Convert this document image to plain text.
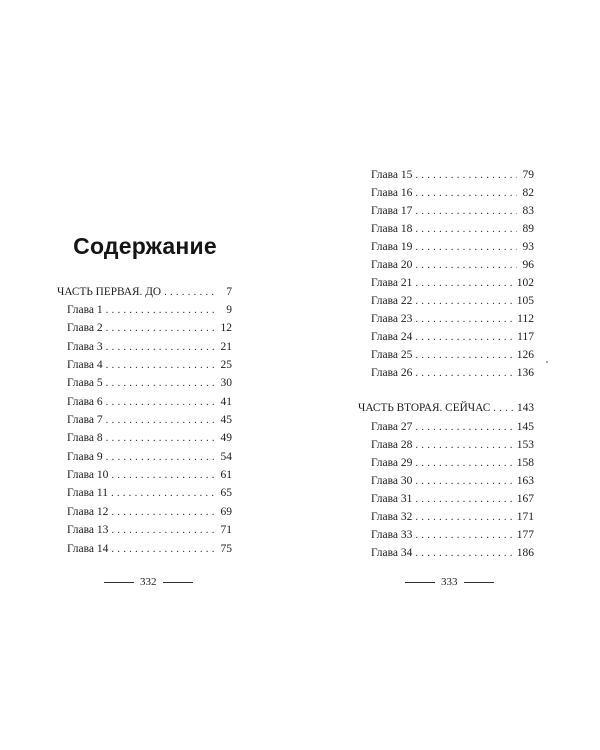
Содержание
ЧАСТЬ ПЕРВАЯ. ДО . . .	7
Глава 1 . . .	9
Глава 2 . . .	12
Глава 3 . . .	21
Глава 4 . . .	25
Глава 5 . . .	30
Глава 6 . . .	41
Глава 7 . . .	45
Глава 8 . . .	49
Глава 9 . . .	54
Глава 10 . . .	61
Глава 11 . . .	65
Глава 12 . . .	69
Глава 13 . . .	71
Глава 14 . . .	75
332
Глава 15 . . .	79
Глава 16 . . .	82
Глава 17 . . .	83
Глава 18 . . .	89
Глава 19 . . .	93
Глава 20 . . .	96
Глава 21 . . .	102
Глава 22 . . .	105
Глава 23 . . .	112
Глава 24 . . .	117
Глава 25 . . .	126
Глава 26 . . .	136
ЧАСТЬ ВТОРАЯ. СЕЙЧАС . . . 143
Глава 27 . . .	145
Глава 28 . . .	153
Глава 29 . . .	158
Глава 30 . . .	163
Глава 31 . . .	167
Глава 32 . . .	171
Глава 33 . . .	177
Глава 34 . . .	186
333
